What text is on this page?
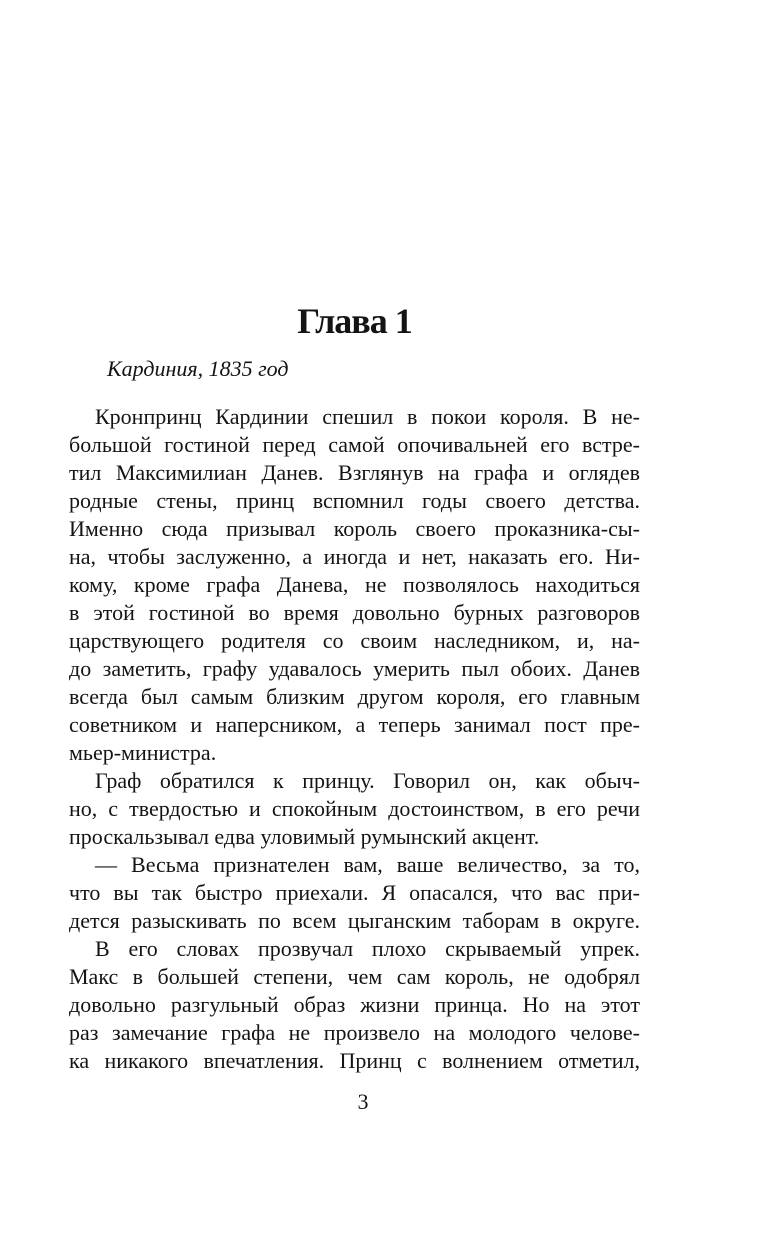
Глава 1
Кардиния, 1835 год

Кронпринц Кардинии спешил в покои короля. В не-
большой гостиной перед самой опочивальней его встре-
тил Максимилиан Данев. Взглянув на графа и оглядев
родные стены, принц вспомнил годы своего детства.
Именно сюда призывал король своего проказника-сы-
на, чтобы заслуженно, а иногда и нет, наказать его. Ни-
кому, кроме графа Данева, не позволялось находиться
в этой гостиной во время довольно бурных разговоров
царствующего родителя со своим наследником, и, на-
до заметить, графу удавалось умерить пыл обоих. Данев
всегда был самым близким другом короля, его главным
советником и наперсником, а теперь занимал пост пре-
мьер-министра.

Граф обратился к принцу. Говорил он, как обыч-
но, с твердостью и спокойным достоинством, в его речи
проскальзывал едва уловимый румынский акцент.

— Весьма признателен вам, ваше величество, за то,
что вы так быстро приехали. Я опасался, что вас при-
дется разыскивать по всем цыганским таборам в округе.

В его словах прозвучал плохо скрываемый упрек.
Макс в большей степени, чем сам король, не одобрял
довольно разгульный образ жизни принца. Но на этот
раз замечание графа не произвело на молодого челове-
ка никакого впечатления. Принц с волнением отметил,

3
